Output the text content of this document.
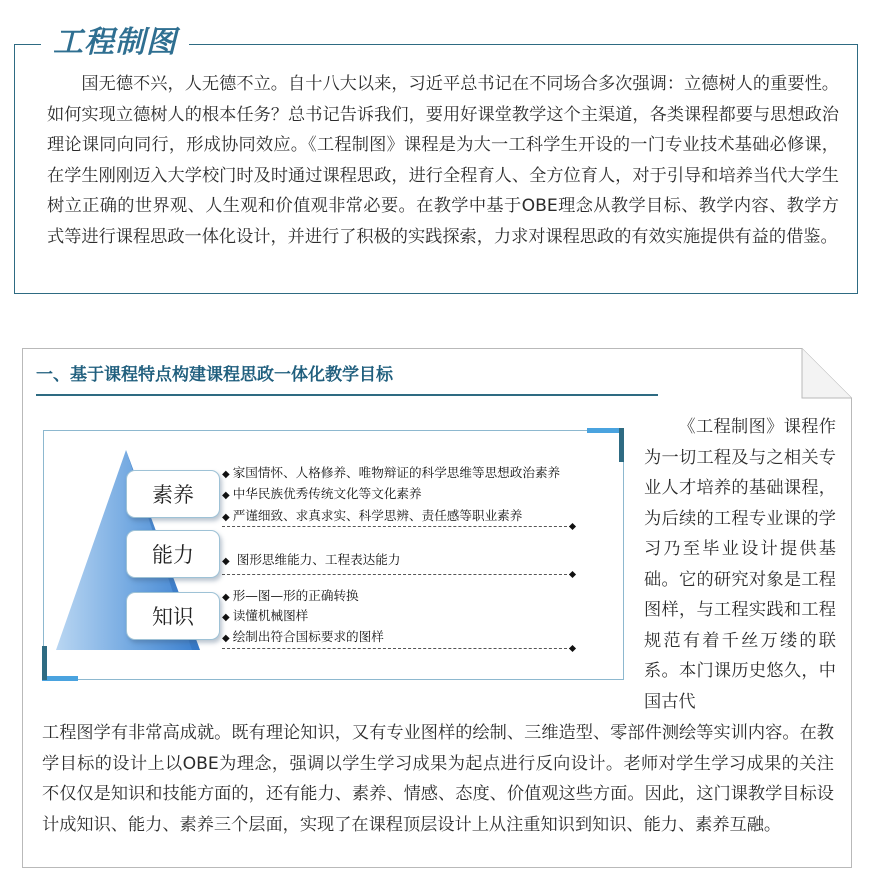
工程制图

国无德不兴，人无德不立。自十八大以来，习近平总书记在不同场合多次强调：立德树人的重要性。如何实现立德树人的根本任务？总书记告诉我们，要用好课堂教学这个主渠道，各类课程都要与思想政治理论课同向同行，形成协同效应。《工程制图》课程是为大一工科学生开设的一门专业技术基础必修课，在学生刚刚迈入大学校门时及时通过课程思政，进行全程育人、全方位育人，对于引导和培养当代大学生树立正确的世界观、人生观和价值观非常必要。在教学中基于OBE理念从教学目标、教学内容、教学方式等进行课程思政一体化设计，并进行了积极的实践探索，力求对课程思政的有效实施提供有益的借鉴。

一、基于课程特点构建课程思政一体化教学目标
素养
能力
知识
◆ 家国情怀、人格修养、唯物辩证的科学思维等思想政治素养
◆ 中华民族优秀传统文化等文化素养
◆ 严谨细致、求真求实、科学思辨、责任感等职业素养
◆ 图形思维能力、工程表达能力
◆ 形—图—形的正确转换
◆ 读懂机械图样
◆ 绘制出符合国标要求的图样

《工程制图》课程作为一切工程及与之相关专业人才培养的基础课程，为后续的工程专业课的学习乃至毕业设计提供基础。它的研究对象是工程图样，与工程实践和工程规范有着千丝万缕的联系。本门课历史悠久，中国古代

工程图学有非常高成就。既有理论知识，又有专业图样的绘制、三维造型、零部件测绘等实训内容。在教学目标的设计上以OBE为理念，强调以学生学习成果为起点进行反向设计。老师对学生学习成果的关注不仅仅是知识和技能方面的，还有能力、素养、情感、态度、价值观这些方面。因此，这门课教学目标设计成知识、能力、素养三个层面，实现了在课程顶层设计上从注重知识到知识、能力、素养互融。
